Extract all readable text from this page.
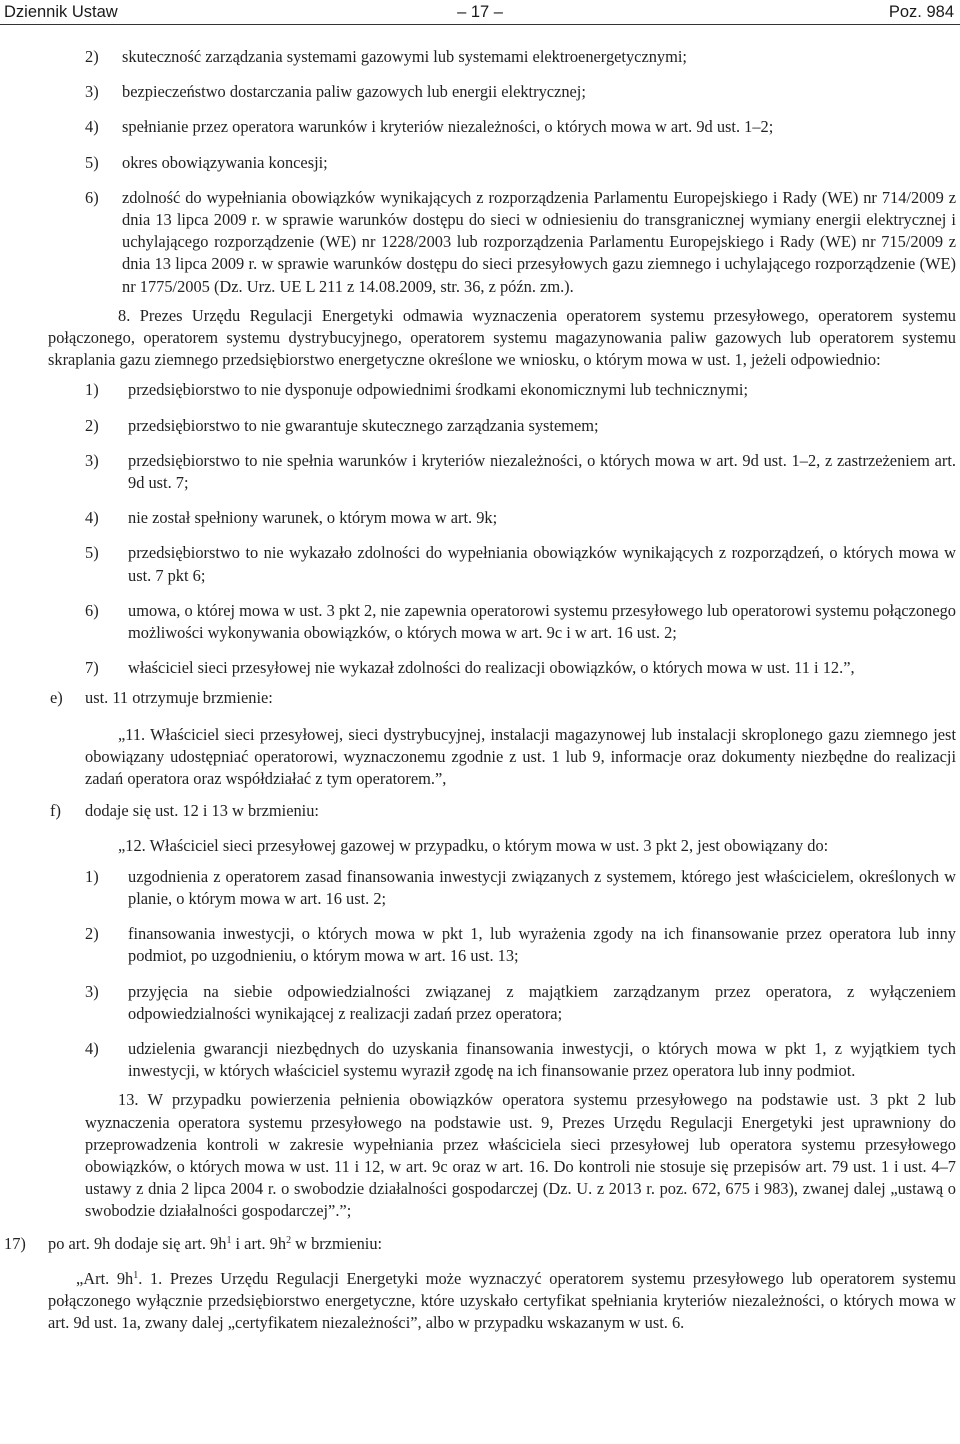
Dziennik Ustaw	– 17 –	Poz. 984
2) skuteczność zarządzania systemami gazowymi lub systemami elektroenergetycznymi;
3) bezpieczeństwo dostarczania paliw gazowych lub energii elektrycznej;
4) spełnianie przez operatora warunków i kryteriów niezależności, o których mowa w art. 9d ust. 1–2;
5) okres obowiązywania koncesji;
6) zdolność do wypełniania obowiązków wynikających z rozporządzenia Parlamentu Europejskiego i Rady (WE) nr 714/2009 z dnia 13 lipca 2009 r. w sprawie warunków dostępu do sieci w odniesieniu do transgranicznej wymiany energii elektrycznej i uchylającego rozporządzenie (WE) nr 1228/2003 lub rozporządzenia Parlamentu Europejskiego i Rady (WE) nr 715/2009 z dnia 13 lipca 2009 r. w sprawie warunków dostępu do sieci przesyłowych gazu ziemnego i uchylającego rozporządzenie (WE) nr 1775/2005 (Dz. Urz. UE L 211 z 14.08.2009, str. 36, z późn. zm.).
8. Prezes Urzędu Regulacji Energetyki odmawia wyznaczenia operatorem systemu przesyłowego, operatorem systemu połączonego, operatorem systemu dystrybucyjnego, operatorem systemu magazynowania paliw gazowych lub operatorem systemu skraplania gazu ziemnego przedsiębiorstwo energetyczne określone we wniosku, o którym mowa w ust. 1, jeżeli odpowiednio:
1) przedsiębiorstwo to nie dysponuje odpowiednimi środkami ekonomicznymi lub technicznymi;
2) przedsiębiorstwo to nie gwarantuje skutecznego zarządzania systemem;
3) przedsiębiorstwo to nie spełnia warunków i kryteriów niezależności, o których mowa w art. 9d ust. 1–2, z zastrzeżeniem art. 9d ust. 7;
4) nie został spełniony warunek, o którym mowa w art. 9k;
5) przedsiębiorstwo to nie wykazało zdolności do wypełniania obowiązków wynikających z rozporządzeń, o których mowa w ust. 7 pkt 6;
6) umowa, o której mowa w ust. 3 pkt 2, nie zapewnia operatorowi systemu przesyłowego lub operatorowi systemu połączonego możliwości wykonywania obowiązków, o których mowa w art. 9c i w art. 16 ust. 2;
7) właściciel sieci przesyłowej nie wykazał zdolności do realizacji obowiązków, o których mowa w ust. 11 i 12.”,
e) ust. 11 otrzymuje brzmienie:
„11. Właściciel sieci przesyłowej, sieci dystrybucyjnej, instalacji magazynowej lub instalacji skroplonego gazu ziemnego jest obowiązany udostępniać operatorowi, wyznaczonemu zgodnie z ust. 1 lub 9, informacje oraz dokumenty niezbędne do realizacji zadań operatora oraz współdziałać z tym operatorem.”,
f) dodaje się ust. 12 i 13 w brzmieniu:
„12. Właściciel sieci przesyłowej gazowej w przypadku, o którym mowa w ust. 3 pkt 2, jest obowiązany do:
1) uzgodnienia z operatorem zasad finansowania inwestycji związanych z systemem, którego jest właścicielem, określonych w planie, o którym mowa w art. 16 ust. 2;
2) finansowania inwestycji, o których mowa w pkt 1, lub wyrażenia zgody na ich finansowanie przez operatora lub inny podmiot, po uzgodnieniu, o którym mowa w art. 16 ust. 13;
3) przyjęcia na siebie odpowiedzialności związanej z majątkiem zarządzanym przez operatora, z wyłączeniem odpowiedzialności wynikającej z realizacji zadań przez operatora;
4) udzielenia gwarancji niezbędnych do uzyskania finansowania inwestycji, o których mowa w pkt 1, z wyjątkiem tych inwestycji, w których właściciel systemu wyraził zgodę na ich finansowanie przez operatora lub inny podmiot.
13. W przypadku powierzenia pełnienia obowiązków operatora systemu przesyłowego na podstawie ust. 3 pkt 2 lub wyznaczenia operatora systemu przesyłowego na podstawie ust. 9, Prezes Urzędu Regulacji Energetyki jest uprawniony do przeprowadzenia kontroli w zakresie wypełniania przez właściciela sieci przesyłowej lub operatora systemu przesyłowego obowiązków, o których mowa w ust. 11 i 12, w art. 9c oraz w art. 16. Do kontroli nie stosuje się przepisów art. 79 ust. 1 i ust. 4–7 ustawy z dnia 2 lipca 2004 r. o swobodzie działalności gospodarczej (Dz. U. z 2013 r. poz. 672, 675 i 983), zwanej dalej „ustawą o swobodzie działalności gospodarczej”.”;
17) po art. 9h dodaje się art. $9h^1$ i art. $9h^2$ w brzmieniu:
„Art. $9h^1$. 1. Prezes Urzędu Regulacji Energetyki może wyznaczyć operatorem systemu przesyłowego lub operatorem systemu połączonego wyłącznie przedsiębiorstwo energetyczne, które uzyskało certyfikat spełniania kryteriów niezależności, o których mowa w art. 9d ust. 1a, zwany dalej „certyfikatem niezależności”, albo w przypadku wskazanym w ust. 6.
